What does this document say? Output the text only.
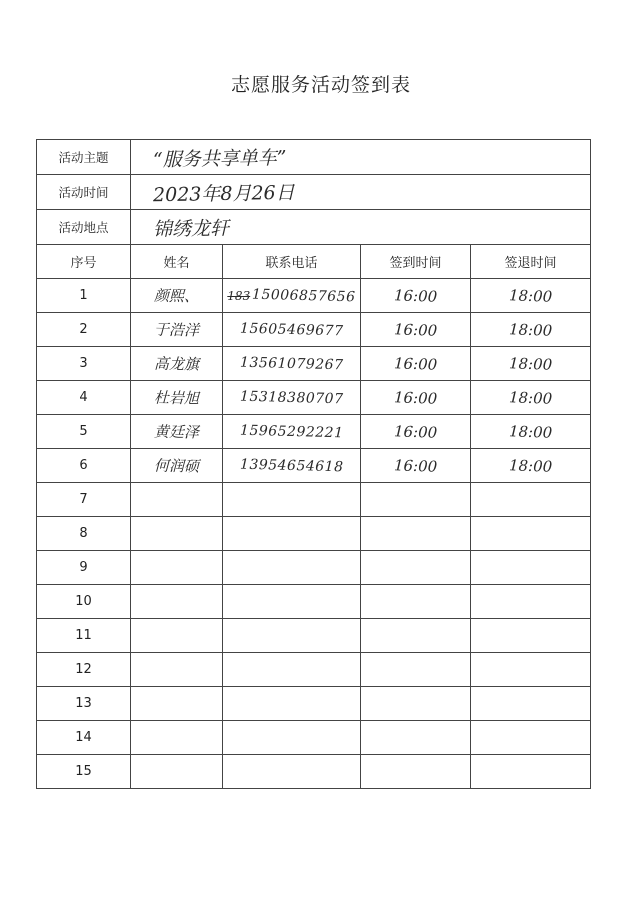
志愿服务活动签到表
活动主题	“服务共享单车”			
活动时间	2023年8月26日			
活动地点	锦绣龙轩			
序号	姓名	联系电话	签到时间	签退时间
1	颜熙、	183 15006857656	16:00	18:00
2	于浩洋	15605469677	16:00	18:00
3	高龙旗	13561079267	16:00	18:00
4	杜岩旭	15318380707	16:00	18:00
5	黄廷泽	15965292221	16:00	18:00
6	何润硕	13954654618	16:00	18:00
7				
8				
9				
10				
11				
12				
13				
14				
15				
